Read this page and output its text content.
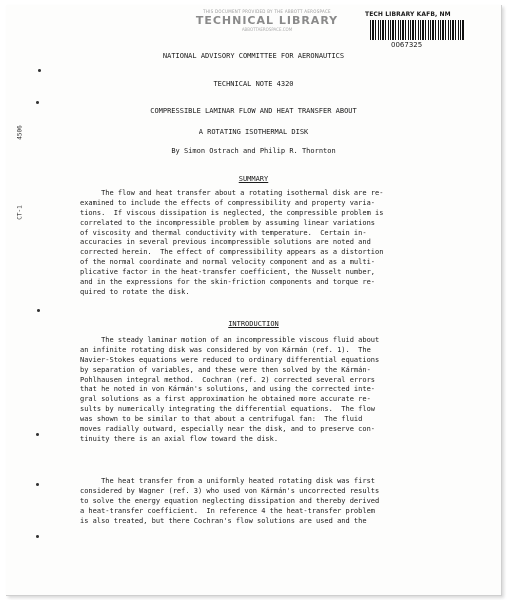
THIS DOCUMENT PROVIDED BY THE ABBOTT AEROSPACE
TECHNICAL LIBRARY
ABBOTTAEROSPACE.COM
TECH LIBRARY KAFB, NM
0067325
4506
CT-1
NATIONAL ADVISORY COMMITTEE FOR AERONAUTICS
TECHNICAL NOTE 4320
COMPRESSIBLE LAMINAR FLOW AND HEAT TRANSFER ABOUT
A ROTATING ISOTHERMAL DISK
By Simon Ostrach and Philip R. Thornton
SUMMARY
The flow and heat transfer about a rotating isothermal disk are re-
examined to include the effects of compressibility and property varia-
tions.  If viscous dissipation is neglected, the compressible problem is
correlated to the incompressible problem by assuming linear variations
of viscosity and thermal conductivity with temperature.  Certain in-
accuracies in several previous incompressible solutions are noted and
corrected herein.  The effect of compressibility appears as a distortion
of the normal coordinate and normal velocity component and as a multi-
plicative factor in the heat-transfer coefficient, the Nusselt number,
and in the expressions for the skin-friction components and torque re-
quired to rotate the disk.
INTRODUCTION
The steady laminar motion of an incompressible viscous fluid about
an infinite rotating disk was considered by von Kármán (ref. 1).  The
Navier-Stokes equations were reduced to ordinary differential equations
by separation of variables, and these were then solved by the Kármán-
Pohlhausen integral method.  Cochran (ref. 2) corrected several errors
that he noted in von Kármán's solutions, and using the corrected inte-
gral solutions as a first approximation he obtained more accurate re-
sults by numerically integrating the differential equations.  The flow
was shown to be similar to that about a centrifugal fan:  The fluid
moves radially outward, especially near the disk, and to preserve con-
tinuity there is an axial flow toward the disk.
The heat transfer from a uniformly heated rotating disk was first
considered by Wagner (ref. 3) who used von Kármán's uncorrected results
to solve the energy equation neglecting dissipation and thereby derived
a heat-transfer coefficient.  In reference 4 the heat-transfer problem
is also treated, but there Cochran's flow solutions are used and the
